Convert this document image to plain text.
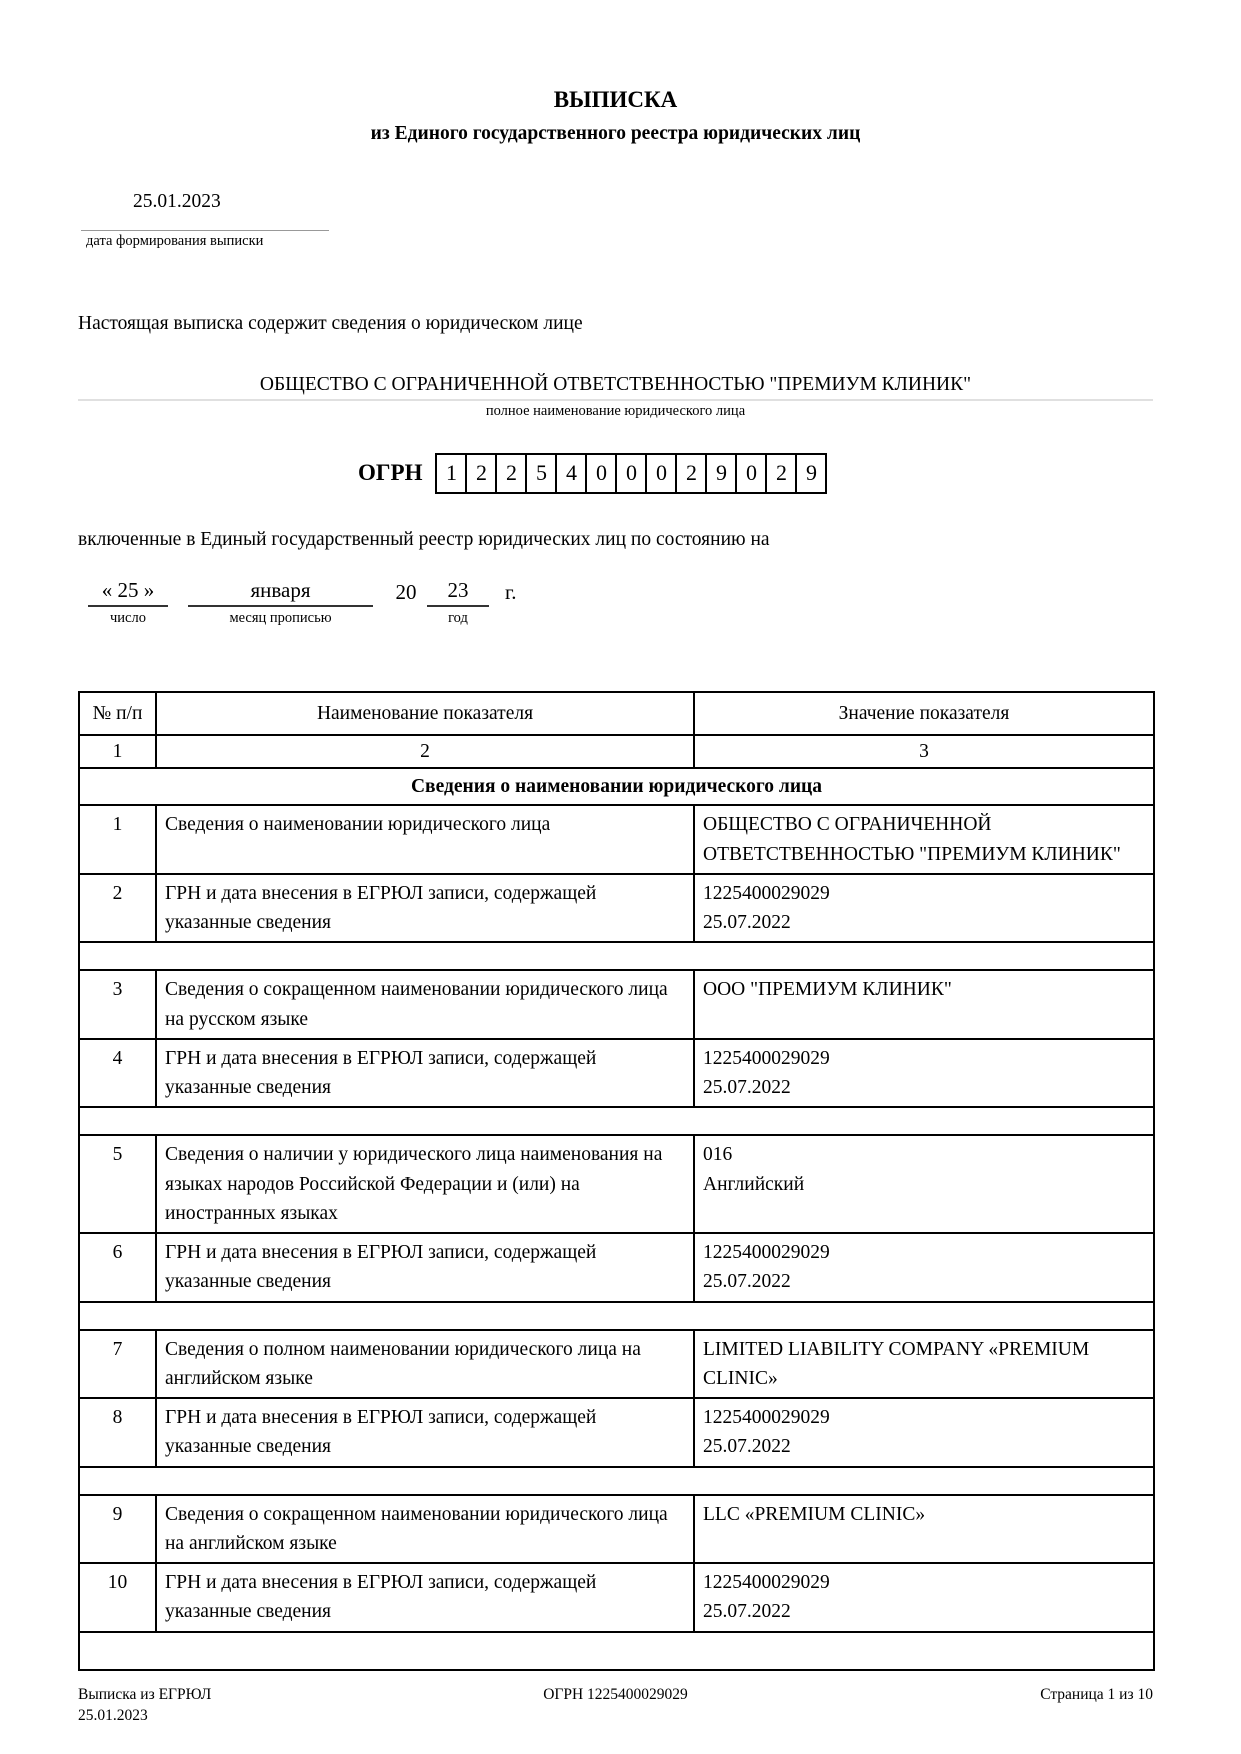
ВЫПИСКА
из Единого государственного реестра юридических лиц
25.01.2023
дата формирования выписки
Настоящая выписка содержит сведения о юридическом лице
ОБЩЕСТВО С ОГРАНИЧЕННОЙ ОТВЕТСТВЕННОСТЬЮ "ПРЕМИУМ КЛИНИК"
полное наименование юридического лица
ОГРН	1 2 2 5 4 0 0 0 2 9 0 2 9
включенные в Единый государственный реестр юридических лиц по состоянию на
« 25 »	января	20	23	г.
число	месяц прописью	год
№ п/п	Наименование показателя	Значение показателя
1	2	3
Сведения о наименовании юридического лица		
1	Сведения о наименовании юридического лица	ОБЩЕСТВО С ОГРАНИЧЕННОЙ ОТВЕТСТВЕННОСТЬЮ "ПРЕМИУМ КЛИНИК"

2	ГРН и дата внесения в ЕГРЮЛ записи, содержащей указанные сведения	1225400029029
25.07.2022

3	Сведения о сокращенном наименовании юридического лица на русском языке	ООО "ПРЕМИУМ КЛИНИК"

4	ГРН и дата внесения в ЕГРЮЛ записи, содержащей указанные сведения	1225400029029
25.07.2022

5	Сведения о наличии у юридического лица наименования на языках народов Российской Федерации и (или) на иностранных языках	016
Английский

6	ГРН и дата внесения в ЕГРЮЛ записи, содержащей указанные сведения	1225400029029
25.07.2022

7	Сведения о полном наименовании юридического лица на английском языке	LIMITED LIABILITY COMPANY «PREMIUM CLINIC»

8	ГРН и дата внесения в ЕГРЮЛ записи, содержащей указанные сведения	1225400029029
25.07.2022

9	Сведения о сокращенном наименовании юридического лица на английском языке	LLC «PREMIUM CLINIC»

10	ГРН и дата внесения в ЕГРЮЛ записи, содержащей указанные сведения	1225400029029
25.07.2022

Выписка из ЕГРЮЛ
25.01.2023
ОГРН 1225400029029	Страница 1 из 10
